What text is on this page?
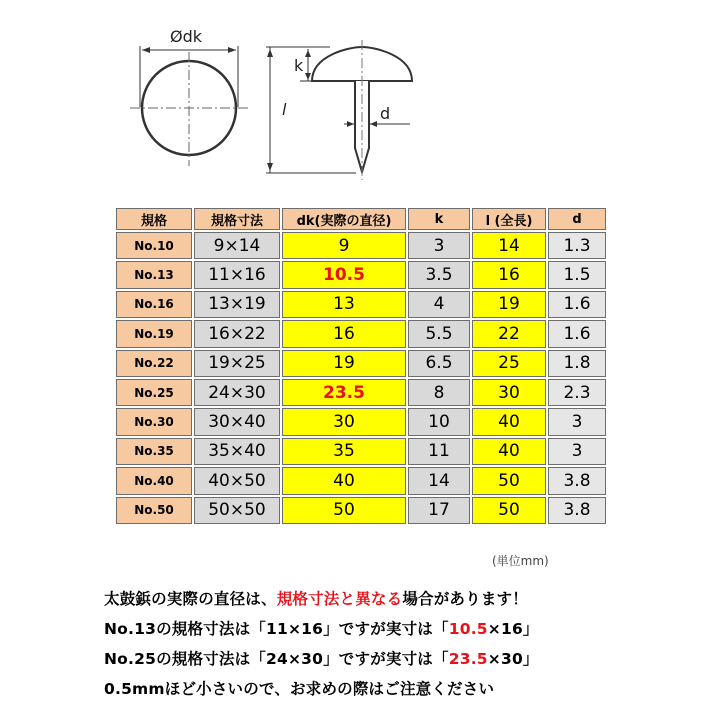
Ødk
k
l	d
規格	規格寸法	dk(実際の直径)	k	l (全長)	d
No.10	9×14	9	3	14	1.3
No.13	11×16	10.5	3.5	16	1.5
No.16	13×19	13	4	19	1.6
No.19	16×22	16	5.5	22	1.6
No.22	19×25	19	6.5	25	1.8
No.25	24×30	23.5	8	30	2.3
No.30	30×40	30	10	40	3
No.35	35×40	35	11	40	3
No.40	40×50	40	14	50	3.8
No.50	50×50	50	17	50	3.8
(単位mm)
太鼓鋲の実際の直径は、規格寸法と異なる場合があります！
No.13の規格寸法は「11×16」ですが実寸は「10.5×16」
No.25の規格寸法は「24×30」ですが実寸は「23.5×30」
0.5mmほど小さいので、お求めの際はご注意ください
